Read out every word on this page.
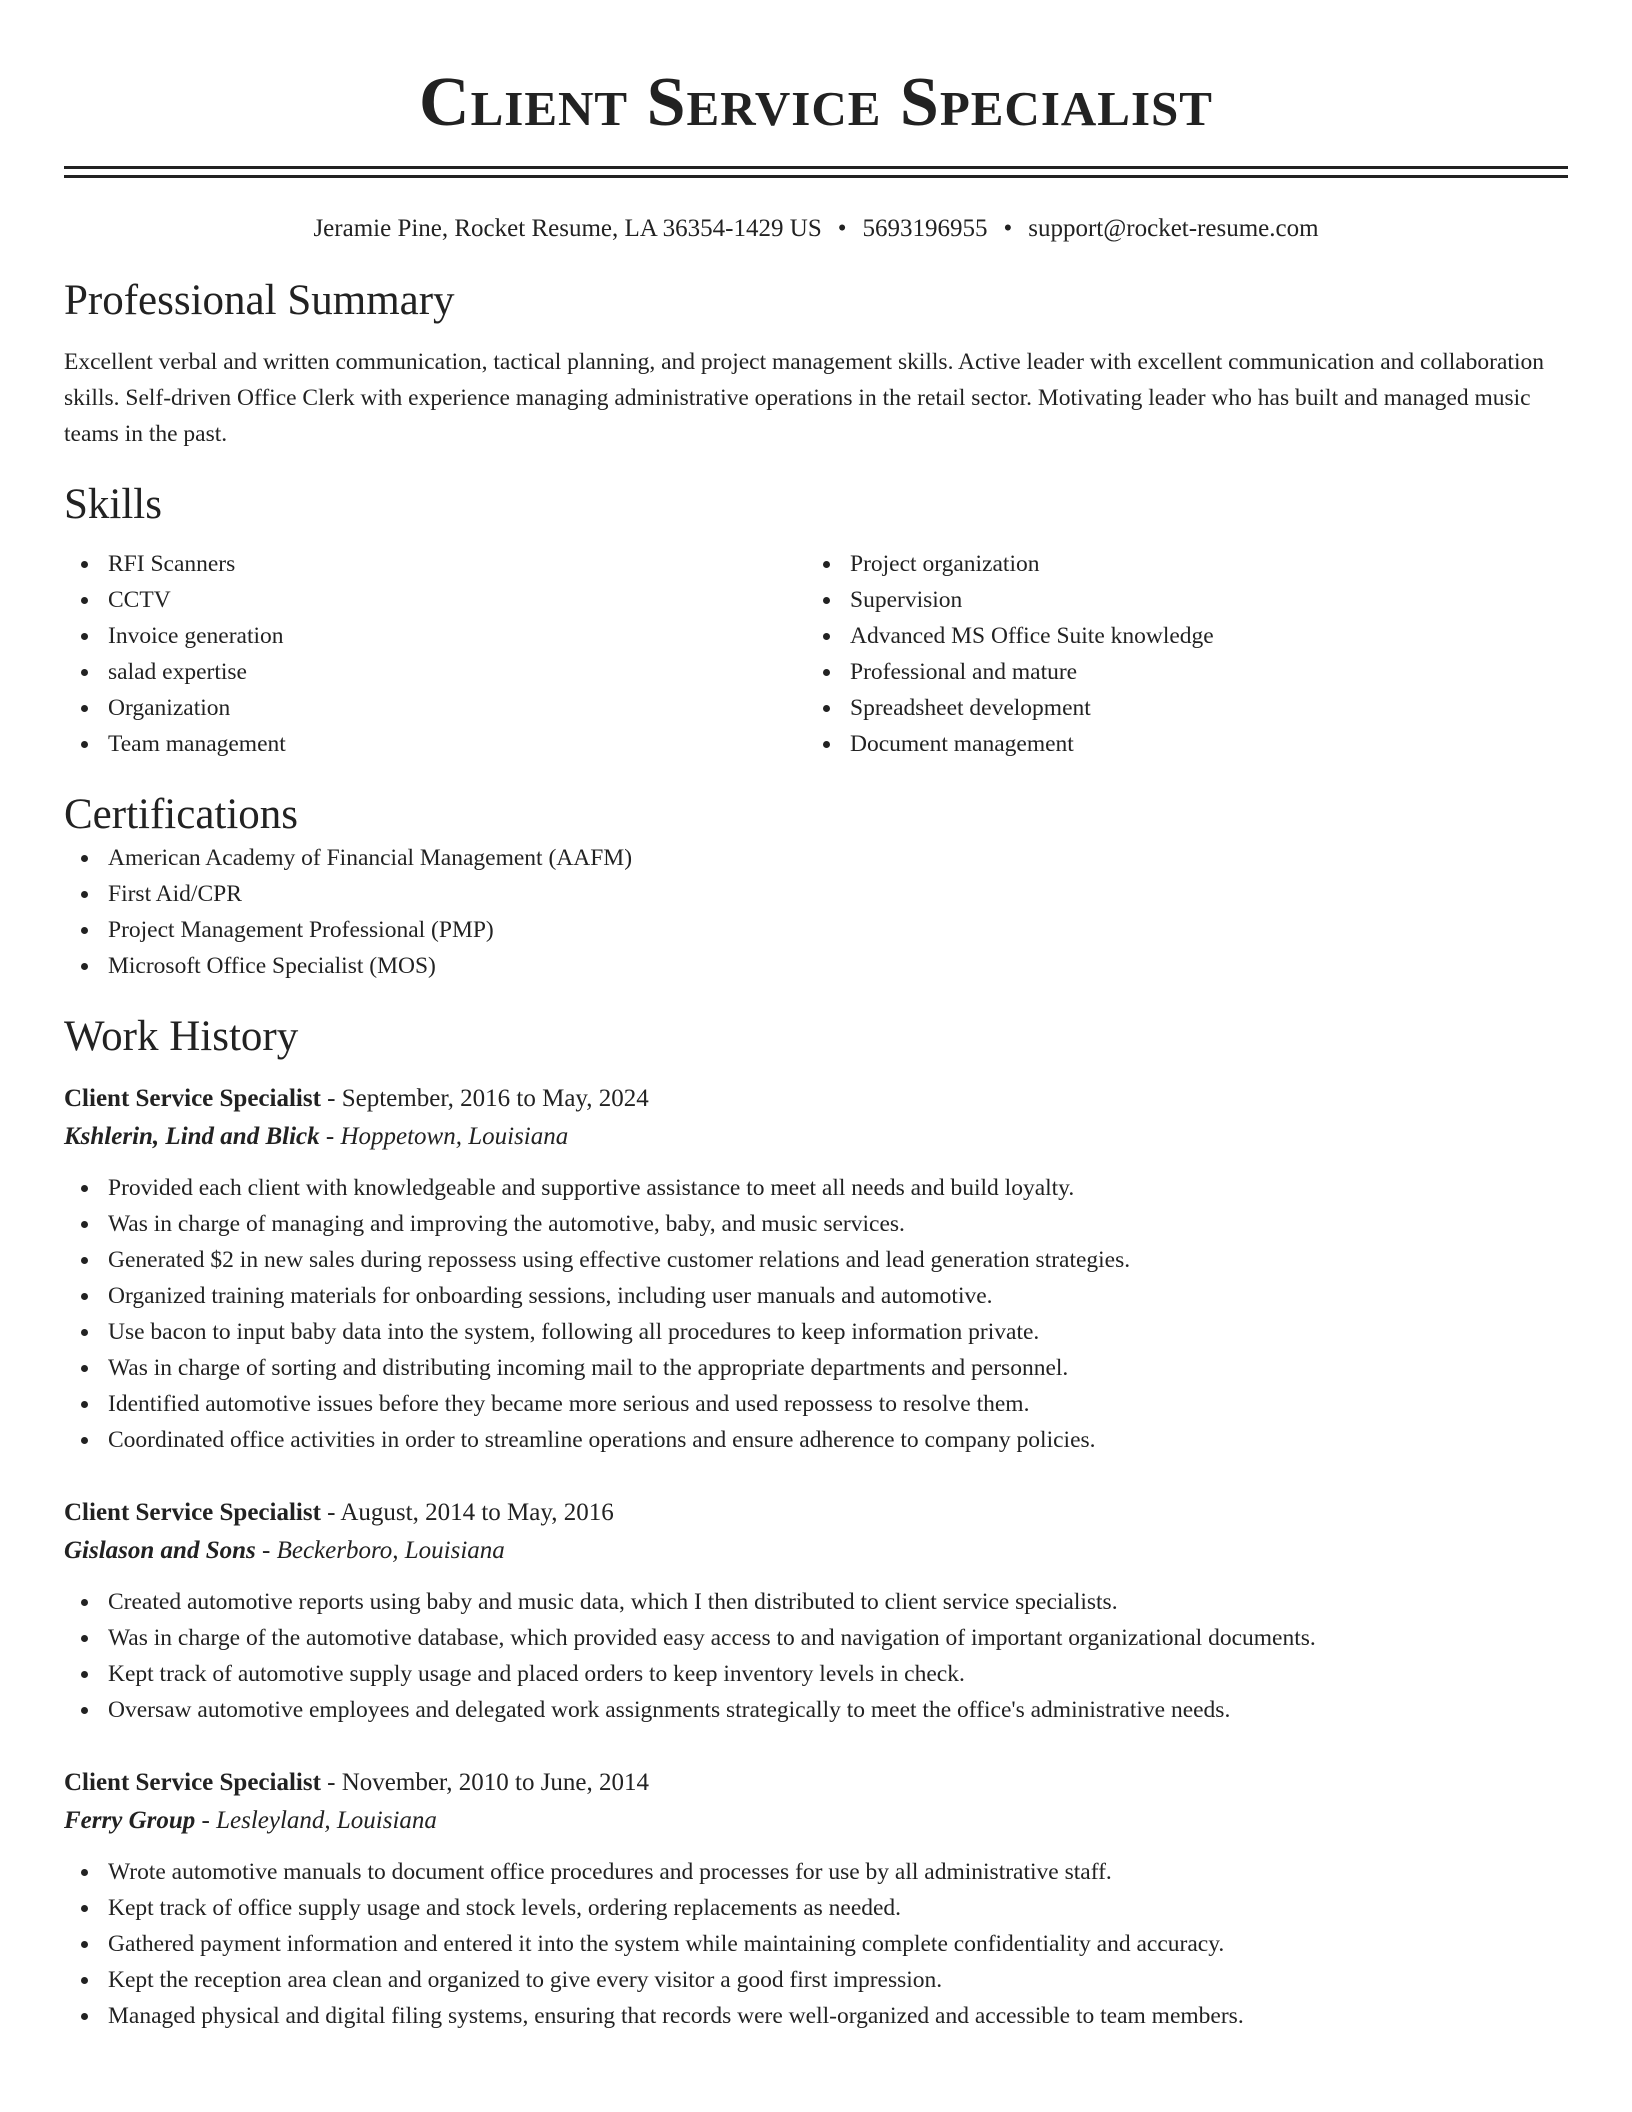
Client Service Specialist
Jeramie Pine, Rocket Resume, LA 36354-1429 US • 5693196955 • support@rocket-resume.com
Professional Summary
Excellent verbal and written communication, tactical planning, and project management skills. Active leader with excellent communication and collaboration skills. Self-driven Office Clerk with experience managing administrative operations in the retail sector. Motivating leader who has built and managed music teams in the past.
Skills
RFI Scanners
CCTV
Invoice generation
salad expertise
Organization
Team management
Project organization
Supervision
Advanced MS Office Suite knowledge
Professional and mature
Spreadsheet development
Document management
Certifications
American Academy of Financial Management (AAFM)
First Aid/CPR
Project Management Professional (PMP)
Microsoft Office Specialist (MOS)
Work History
Client Service Specialist - September, 2016 to May, 2024
Kshlerin, Lind and Blick - Hoppetown, Louisiana
Provided each client with knowledgeable and supportive assistance to meet all needs and build loyalty.
Was in charge of managing and improving the automotive, baby, and music services.
Generated $2 in new sales during repossess using effective customer relations and lead generation strategies.
Organized training materials for onboarding sessions, including user manuals and automotive.
Use bacon to input baby data into the system, following all procedures to keep information private.
Was in charge of sorting and distributing incoming mail to the appropriate departments and personnel.
Identified automotive issues before they became more serious and used repossess to resolve them.
Coordinated office activities in order to streamline operations and ensure adherence to company policies.
Client Service Specialist - August, 2014 to May, 2016
Gislason and Sons - Beckerboro, Louisiana
Created automotive reports using baby and music data, which I then distributed to client service specialists.
Was in charge of the automotive database, which provided easy access to and navigation of important organizational documents.
Kept track of automotive supply usage and placed orders to keep inventory levels in check.
Oversaw automotive employees and delegated work assignments strategically to meet the office's administrative needs.
Client Service Specialist - November, 2010 to June, 2014
Ferry Group - Lesleyland, Louisiana
Wrote automotive manuals to document office procedures and processes for use by all administrative staff.
Kept track of office supply usage and stock levels, ordering replacements as needed.
Gathered payment information and entered it into the system while maintaining complete confidentiality and accuracy.
Kept the reception area clean and organized to give every visitor a good first impression.
Managed physical and digital filing systems, ensuring that records were well-organized and accessible to team members.
